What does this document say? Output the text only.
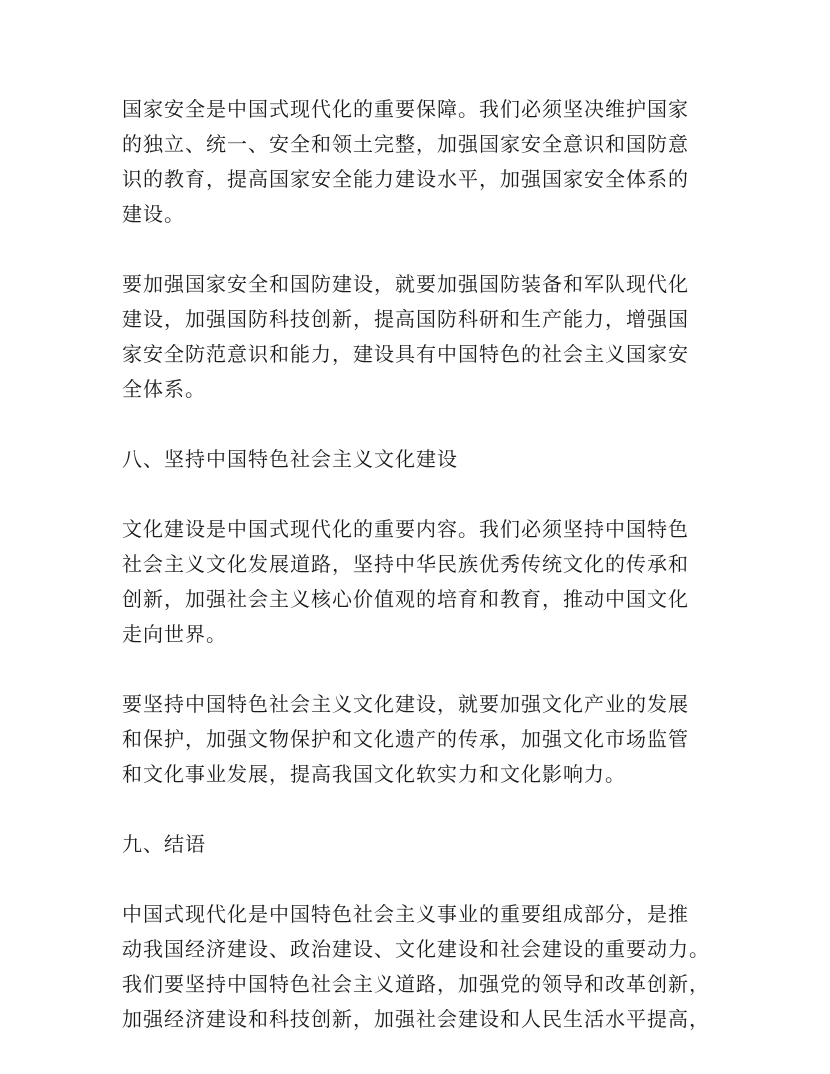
国家安全是中国式现代化的重要保障。我们必须坚决维护国家
的独立、统一、安全和领土完整，加强国家安全意识和国防意
识的教育，提高国家安全能力建设水平，加强国家安全体系的
建设。
要加强国家安全和国防建设，就要加强国防装备和军队现代化
建设，加强国防科技创新，提高国防科研和生产能力，增强国
家安全防范意识和能力，建设具有中国特色的社会主义国家安
全体系。
八、坚持中国特色社会主义文化建设
文化建设是中国式现代化的重要内容。我们必须坚持中国特色
社会主义文化发展道路，坚持中华民族优秀传统文化的传承和
创新，加强社会主义核心价值观的培育和教育，推动中国文化
走向世界。
要坚持中国特色社会主义文化建设，就要加强文化产业的发展
和保护，加强文物保护和文化遗产的传承，加强文化市场监管
和文化事业发展，提高我国文化软实力和文化影响力。
九、结语
中国式现代化是中国特色社会主义事业的重要组成部分，是推
动我国经济建设、政治建设、文化建设和社会建设的重要动力。
我们要坚持中国特色社会主义道路，加强党的领导和改革创新，
加强经济建设和科技创新，加强社会建设和人民生活水平提高，
